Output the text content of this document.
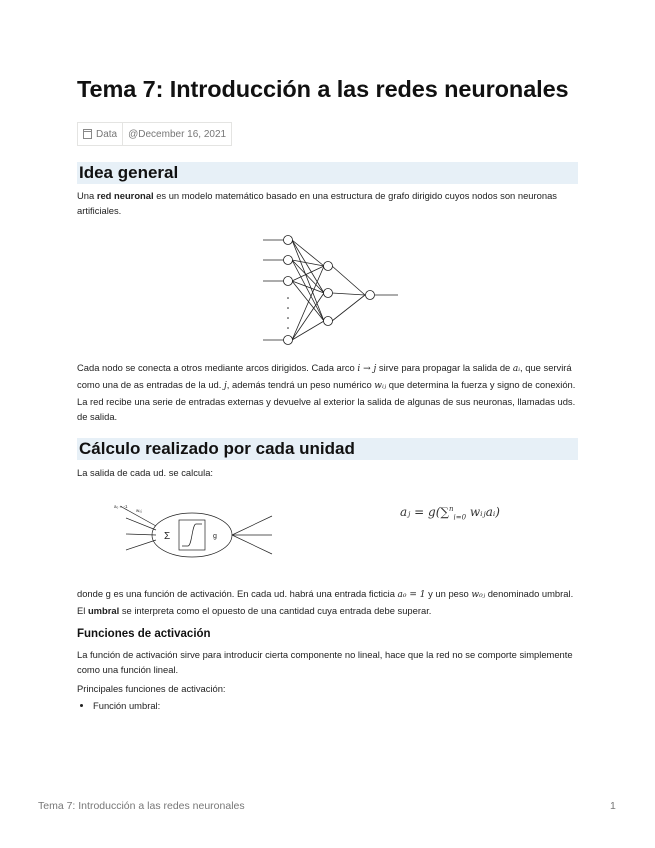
Tema 7: Introducción a las redes neuronales
Data	@December 16, 2021
Idea general

Una red neuronal es un modelo matemático basado en una estructura de grafo dirigido cuyos nodos son neuronas artificiales.

Cada nodo se conecta a otros mediante arcos dirigidos. Cada arco i → j sirve para propagar la salida de aᵢ, que servirá como una de as entradas de la ud. j, además tendrá un peso numérico wᵢⱼ que determina la fuerza y signo de conexión. La red recibe una serie de entradas externas y devuelve al exterior la salida de algunas de sus neuronas, llamadas uds. de salida.

Cálculo realizado por cada unidad

La salida de cada ud. se calcula:

Σ	g
a₀ = -1
w₀ⱼ	aⱼ = g(∑$^n_{i=0}$ wᵢⱼaᵢ)

donde g es una función de activación. En cada ud. habrá una entrada ficticia a₀ = 1 y un peso w₀ⱼ denominado umbral. El umbral se interpreta como el opuesto de una cantidad cuya entrada debe superar.

Funciones de activación

La función de activación sirve para introducir cierta componente no lineal, hace que la red no se comporte simplemente como una función lineal.

Principales funciones de activación:

• Función umbral:
Tema 7: Introducción a las redes neuronales	1
